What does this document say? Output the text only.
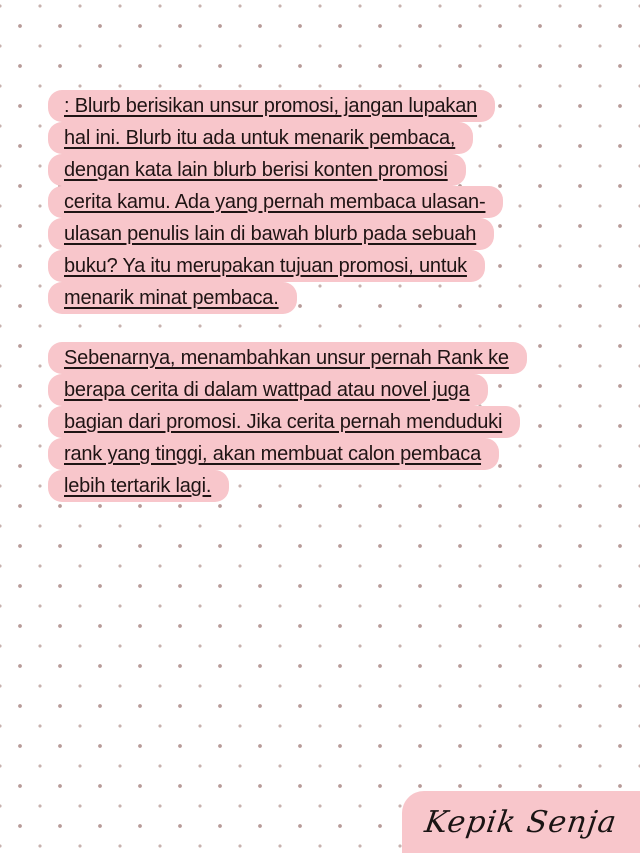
: Blurb berisikan unsur promosi, jangan lupakan
hal ini. Blurb itu ada untuk menarik pembaca,
dengan kata lain blurb berisi konten promosi
cerita kamu. Ada yang pernah membaca ulasan-
ulasan penulis lain di bawah blurb pada sebuah
buku? Ya itu merupakan tujuan promosi, untuk
menarik minat pembaca.
Sebenarnya, menambahkan unsur pernah Rank ke
berapa cerita di dalam wattpad atau novel juga
bagian dari promosi. Jika cerita pernah menduduki
rank yang tinggi, akan membuat calon pembaca
lebih tertarik lagi.
Kepik Senja
